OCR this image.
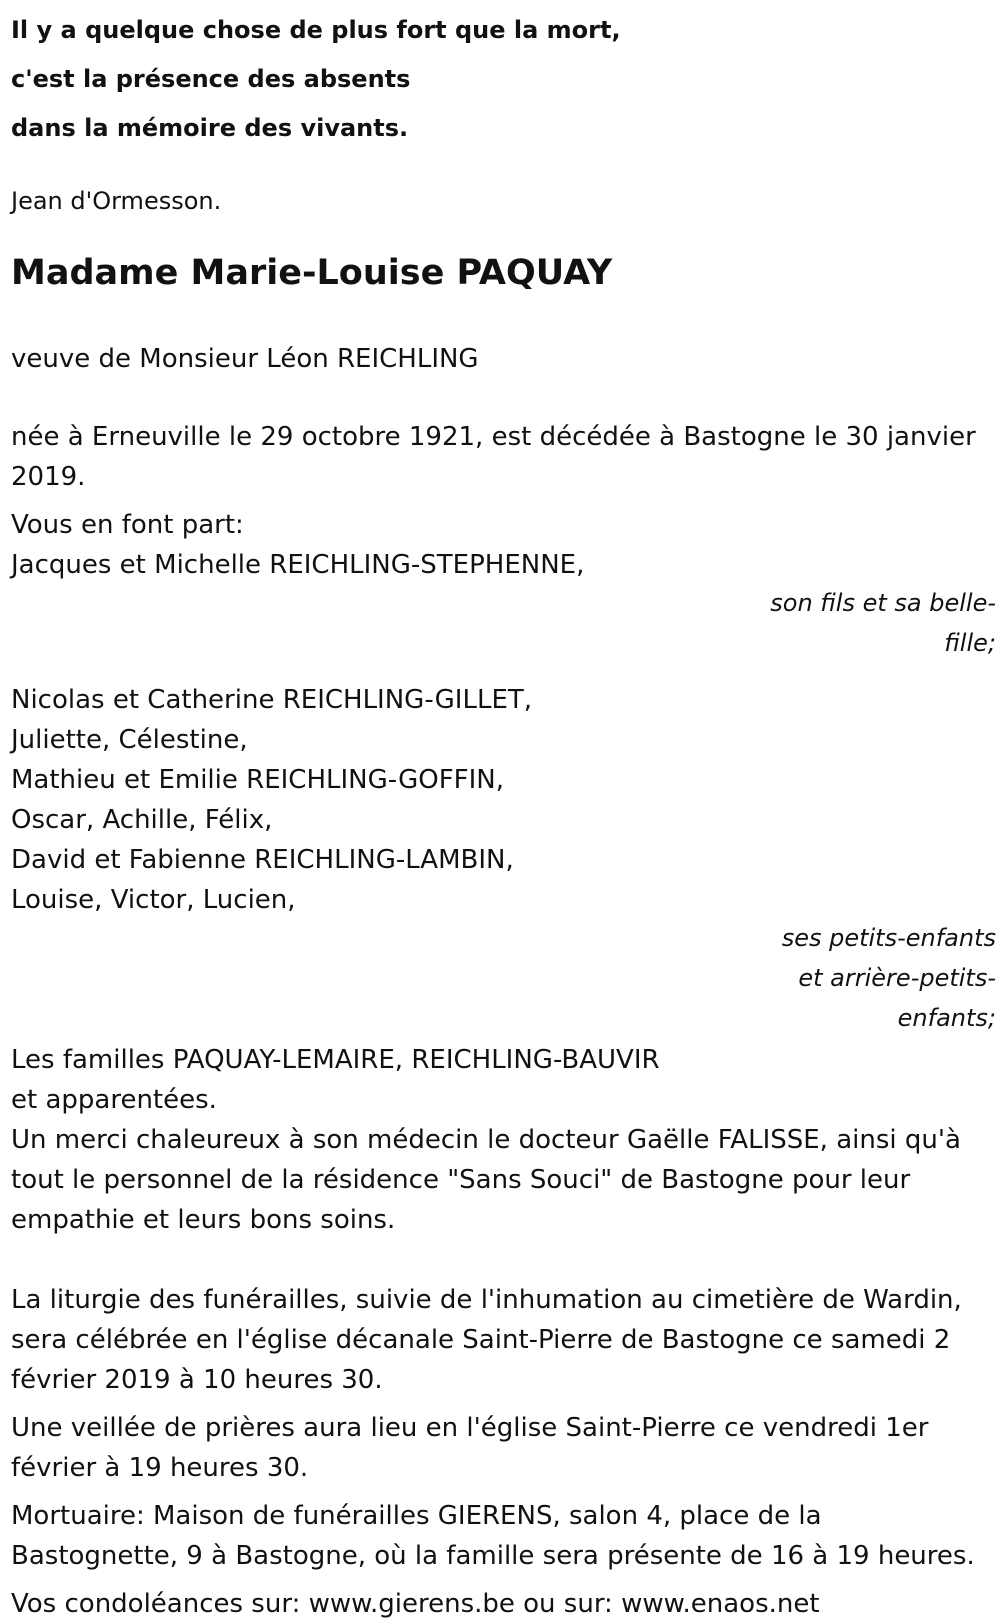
Il y a quelque chose de plus fort que la mort,

c'est la présence des absents

dans la mémoire des vivants.

Jean d'Ormesson.
Madame Marie-Louise PAQUAY
veuve de Monsieur Léon REICHLING

née à Erneuville le 29 octobre 1921, est décédée à Bastogne le 30 janvier

2019.

Vous en font part:

Jacques et Michelle REICHLING-STEPHENNE,

son fils et sa belle-
fille;

Nicolas et Catherine REICHLING-GILLET,

Juliette, Célestine,

Mathieu et Emilie REICHLING-GOFFIN,

Oscar, Achille, Félix,

David et Fabienne REICHLING-LAMBIN,

Louise, Victor, Lucien,

ses petits-enfants
et arrière-petits-
enfants;

Les familles PAQUAY-LEMAIRE, REICHLING-BAUVIR

et apparentées.

Un merci chaleureux à son médecin le docteur Gaëlle FALISSE, ainsi qu'à

tout le personnel de la résidence "Sans Souci" de Bastogne pour leur

empathie et leurs bons soins.

La liturgie des funérailles, suivie de l'inhumation au cimetière de Wardin,

sera célébrée en l'église décanale Saint-Pierre de Bastogne ce samedi 2

février 2019 à 10 heures 30.

Une veillée de prières aura lieu en l'église Saint-Pierre ce vendredi 1er

février à 19 heures 30.

Mortuaire: Maison de funérailles GIERENS, salon 4, place de la

Bastognette, 9 à Bastogne, où la famille sera présente de 16 à 19 heures.

Vos condoléances sur: www.gierens.be ou sur: www.enaos.net
